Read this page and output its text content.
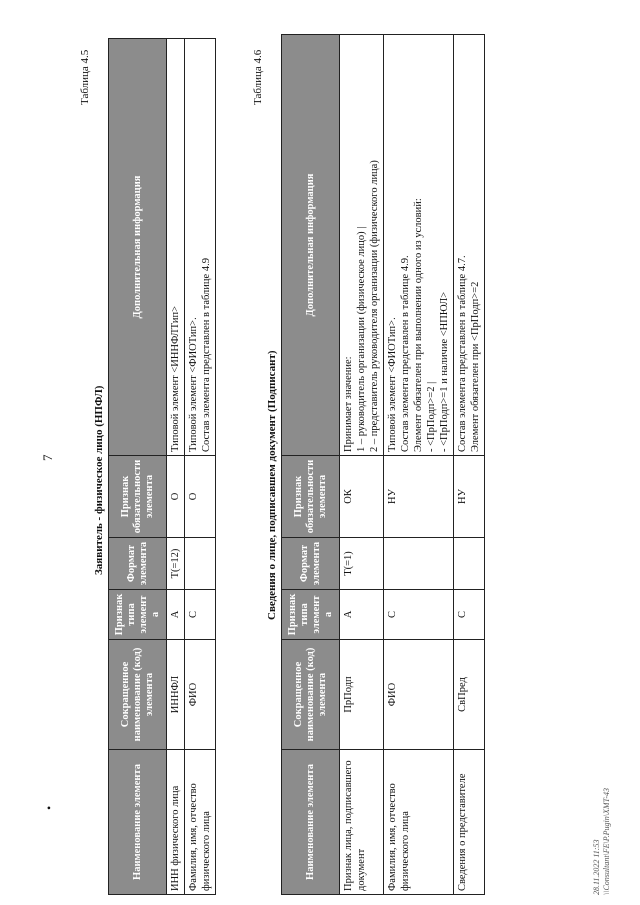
7
•
Таблица 4.5
Заявитель - физическое лицо (НПФЛ)
Наименование элемента	Сокращенное наименование (код) элемента	Признак типа элемента	Формат элемента	Признак обязательности элемента	Дополнительная информация
ИНН физического лица	ИННФЛ	А	T(=12)	О	Типовой элемент <ИННФЛТип>
Фамилия, имя, отчество физического лица	ФИО	С		О	Типовой элемент <ФИОТип>.
Состав элемента представлен в таблице 4.9
Таблица 4.6
Сведения о лице, подписавшем документ (Подписант)
Наименование элемента	Сокращенное наименование (код) элемента	Признак типа элемента	Формат элемента	Признак обязательности элемента	Дополнительная информация
Признак лица, подписавшего документ	ПрПодп	А	T(=1)	ОК	Принимает значение:
1 – руководитель организации (физическое лицо) |
2 – представитель руководителя организации (физического лица)
Фамилия, имя, отчество физического лица	ФИО	С		НУ	Типовой элемент <ФИОТип>.
Состав элемента представлен в таблице 4.9.
Элемент обязателен при выполнении одного из условий:
- <ПрПодп>=2 |
- <ПрПодп>=1 и наличие <НПЮЛ>
Сведения о представителе	СвПред	С		НУ	Состав элемента представлен в таблице 4.7.
Элемент обязателен при <ПрПодп>=2
28.11.2022 11:53 \\Consultant\FE\P.Pugin\XMT-43
